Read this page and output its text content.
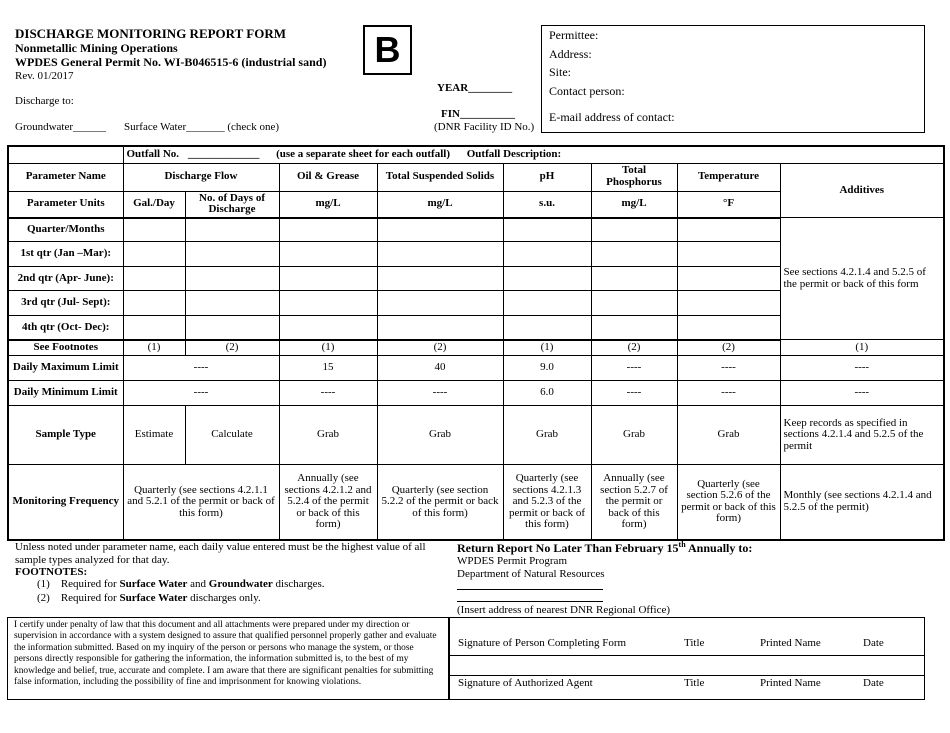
DISCHARGE MONITORING REPORT FORM
Nonmetallic Mining Operations
WPDES General Permit No. WI-B046515-6 (industrial sand)
Rev. 01/2017
Discharge to:
Groundwater______ Surface Water_______ (check one)
B
YEAR________
FIN__________
(DNR Facility ID No.)
Permittee:
Address:
Site:
Contact person:
E-mail address of contact:
	Outfall No. _____________ (use a separate sheet for each outfall) Outfall Description:							
Parameter Name	Discharge Flow		Oil & Grease	Total Suspended Solids	pH	Total Phosphorus	Temperature	Additives
Parameter Units	Gal./Day	No. of Days of Discharge	mg/L	mg/L	s.u.	mg/L	°F	
Quarter/Months								See sections 4.2.1.4 and 5.2.5 of the permit or back of this form
1st qtr (Jan –Mar):								
2nd qtr (Apr- June):								
3rd qtr (Jul- Sept):								
4th qtr (Oct- Dec):								
See Footnotes	(1)	(2)	(1)	(2)	(1)	(2)	(2)	(1)
Daily Maximum Limit	----		15	40	9.0	----	----	----
Daily Minimum Limit	----		----	----	6.0	----	----	----
Sample Type	Estimate	Calculate	Grab	Grab	Grab	Grab	Grab	Keep records as specified in sections 4.2.1.4 and 5.2.5 of the permit
Monitoring Frequency	Quarterly (see sections 4.2.1.1 and 5.2.1 of the permit or back of this form)		Annually (see sections 4.2.1.2 and 5.2.4 of the permit or back of this form)	Quarterly (see section 5.2.2 of the permit or back of this form)	Quarterly (see sections 4.2.1.3 and 5.2.3 of the permit or back of this form)	Annually (see section 5.2.7 of the permit or back of this form)	Quarterly (see section 5.2.6 of the permit or back of this form)	Monthly (see sections 4.2.1.4 and 5.2.5 of the permit)
Unless noted under parameter name, each daily value entered must be the highest value of all sample types analyzed for that day.
FOOTNOTES:
(1) Required for Surface Water and Groundwater discharges.
(2) Required for Surface Water discharges only.
Return Report No Later Than February 15th Annually to:
WPDES Permit Program
Department of Natural Resources
(Insert address of nearest DNR Regional Office)
I certify under penalty of law that this document and all attachments were prepared under my direction or supervision in accordance with a system designed to assure that qualified personnel properly gather and evaluate the information submitted. Based on my inquiry of the person or persons who manage the system, or those persons directly responsible for gathering the information, the information submitted is, to the best of my knowledge and belief, true, accurate and complete. I am aware that there are significant penalties for submitting false information, including the possibility of fine and imprisonment for knowing violations.
Signature of Person Completing Form	Title	Printed Name	Date
Signature of Authorized Agent	Title	Printed Name	Date
